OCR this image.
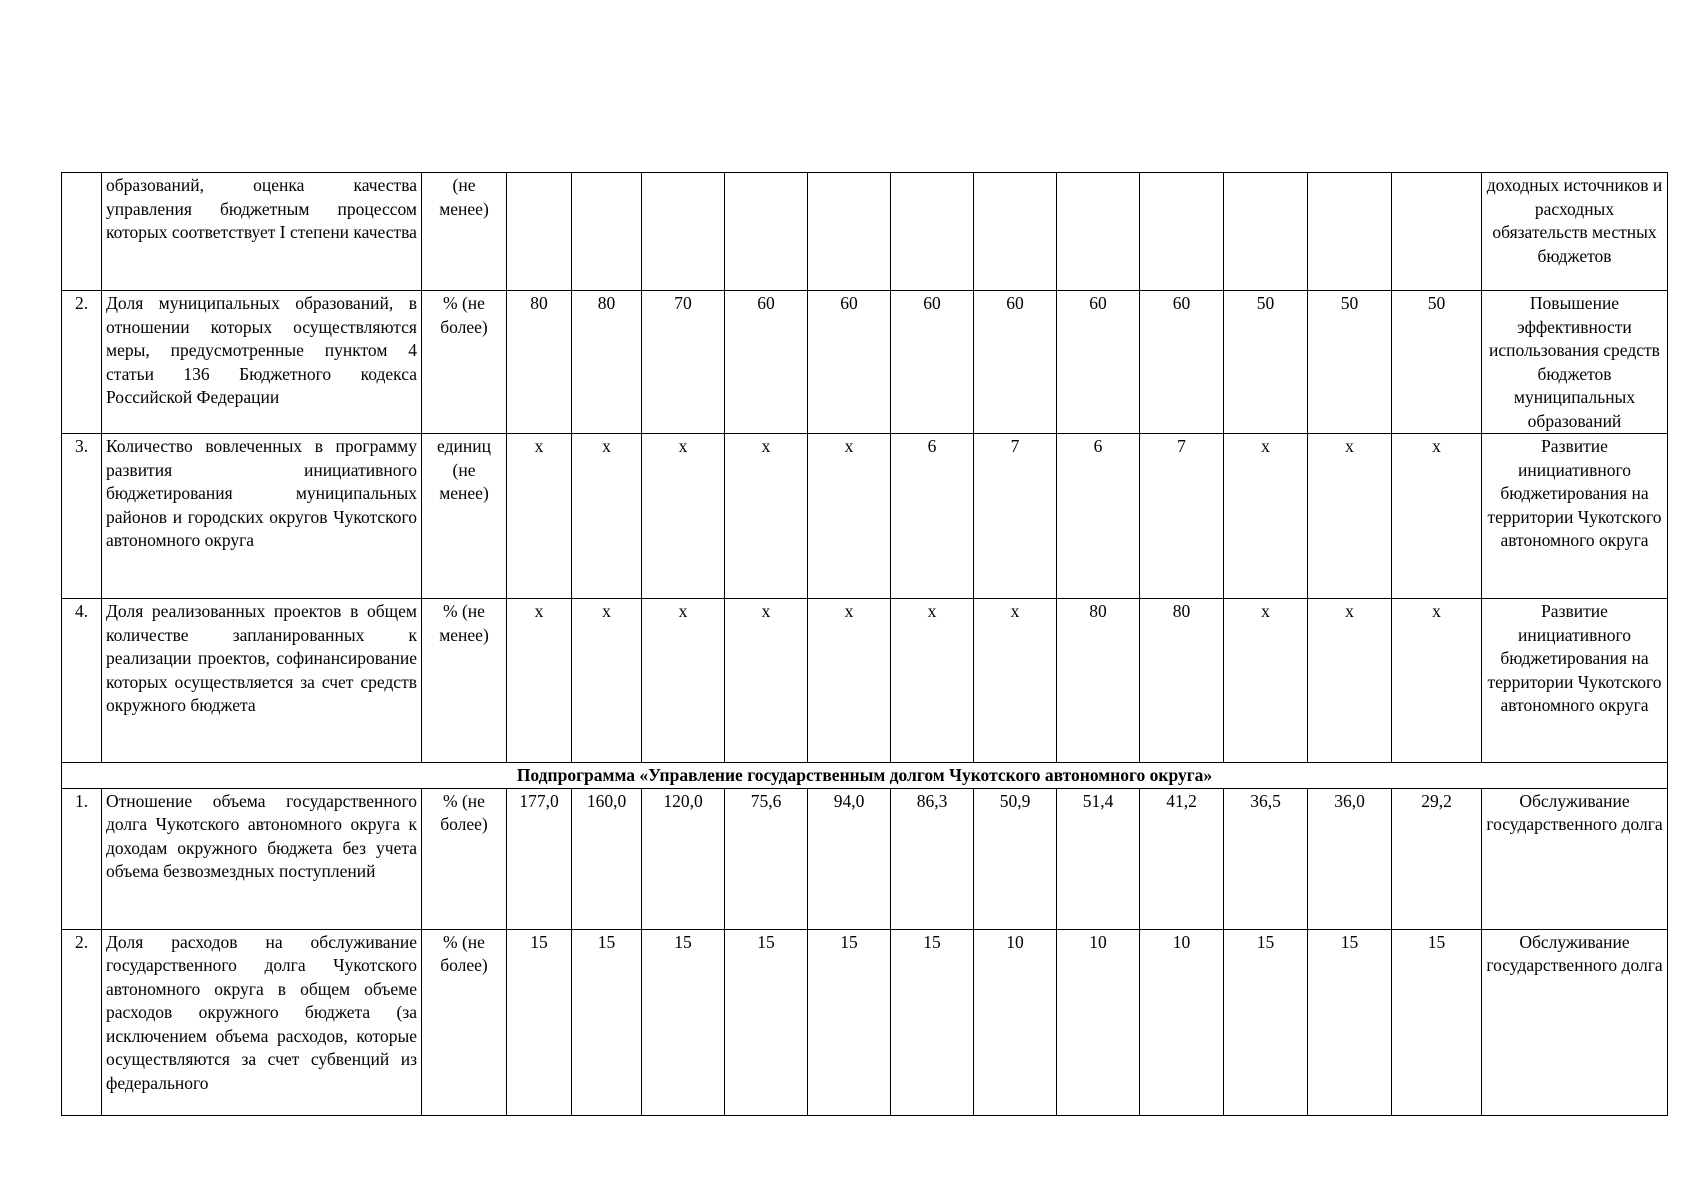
	образований, оценка качества управления бюджетным процессом которых соответствует I степени качества	(не менее)													доходных источников и расходных обязательств местных бюджетов
2.	Доля муниципальных образований, в отношении которых осуществляются меры, предусмотренные пунктом 4 статьи 136 Бюджетного кодекса Российской Федерации	% (не более)	80	80	70	60	60	60	60	60	60	50	50	50	Повышение эффективности использования средств бюджетов муниципальных образований
3.	Количество вовлеченных в программу развития инициативного бюджетирования муниципальных районов и городских округов Чукотского автономного округа	единиц (не менее)	х	х	х	х	х	6	7	6	7	х	х	х	Развитие инициативного бюджетирования на территории Чукотского автономного округа
4.	Доля реализованных проектов в общем количестве запланированных к реализации проектов, софинансирование которых осуществляется за счет средств окружного бюджета	% (не менее)	х	х	х	х	х	х	х	80	80	х	х	х	Развитие инициативного бюджетирования на территории Чукотского автономного округа
Подпрограмма «Управление государственным долгом Чукотского автономного округа»															
1.	Отношение объема государственного долга Чукотского автономного округа к доходам окружного бюджета без учета объема безвозмездных поступлений	% (не более)	177,0	160,0	120,0	75,6	94,0	86,3	50,9	51,4	41,2	36,5	36,0	29,2	Обслуживание государственного долга
2.	Доля расходов на обслуживание государственного долга Чукотского автономного округа в общем объеме расходов окружного бюджета (за исключением объема расходов, которые осуществляются за счет субвенций из федерального	% (не более)	15	15	15	15	15	15	10	10	10	15	15	15	Обслуживание государственного долга
